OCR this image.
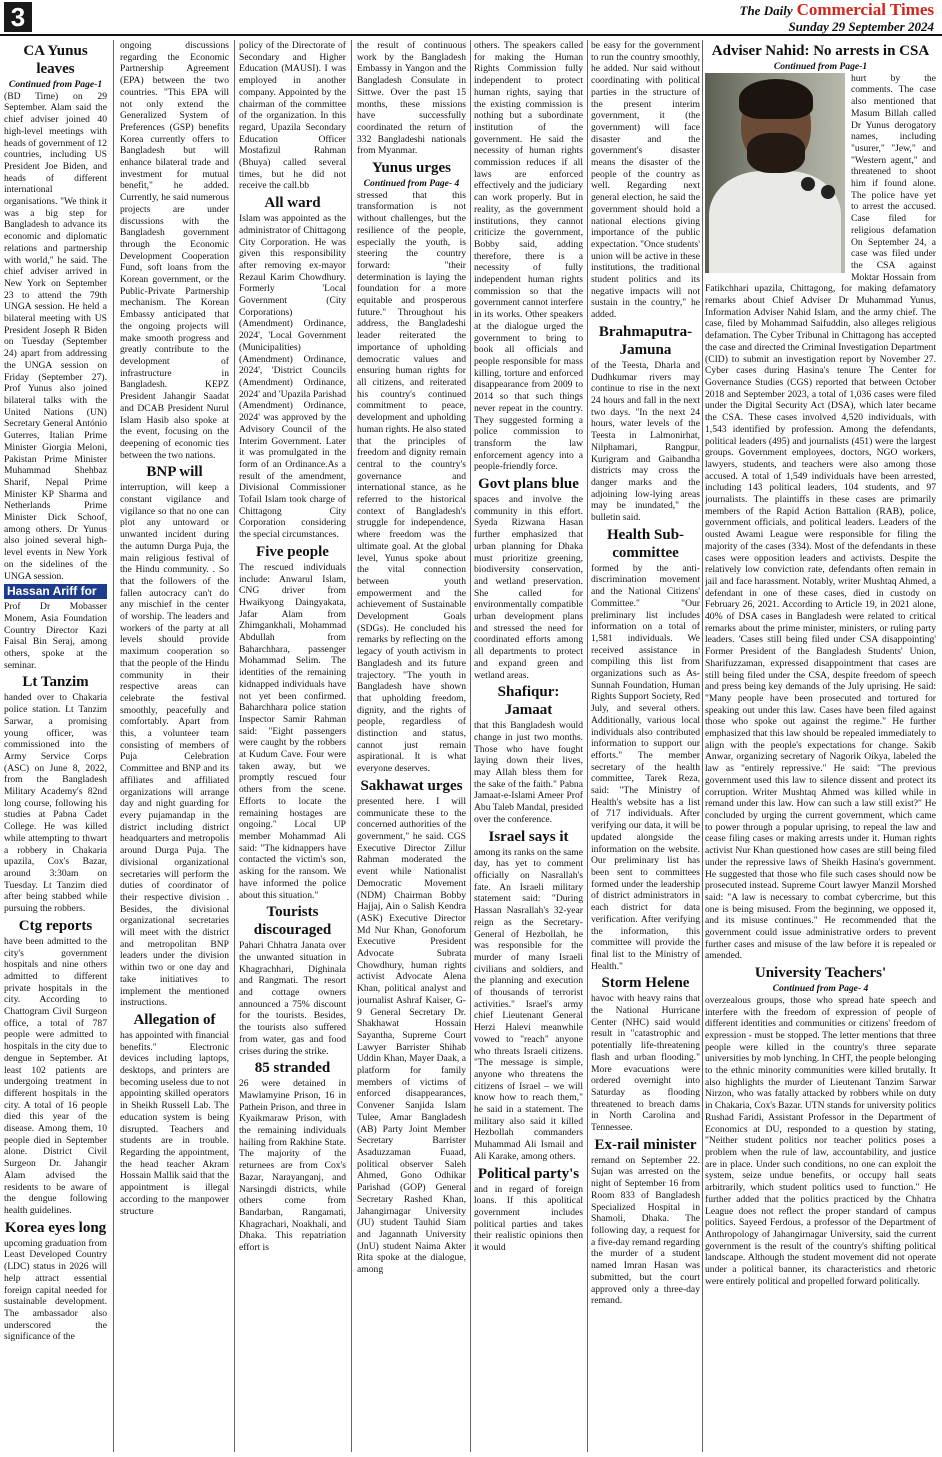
3	The Daily Commercial Times
Sunday 29 September 2024
CA Yunus leaves
Continued from Page-1

(BD Time) on 29 September. Alam said the chief adviser joined 40 high-level meetings with heads of government of 12 countries, including US President Joe Biden, and heads of different international organisations. "We think it was a big step for Bangladesh to advance its economic and diplomatic relations and partnership with world," he said. The chief adviser arrived in New York on September 23 to attend the 79th UNGA session. He held a bilateral meeting with US President Joseph R Biden on Tuesday (September 24) apart from addressing the UNGA session on Friday (September 27). Prof Yunus also joined bilateral talks with the United Nations (UN) Secretary General António Guterres, Italian Prime Minister Giorgia Meloni, Pakistan Prime Minister Muhammad Shehbaz Sharif, Nepal Prime Minister KP Sharma and Netherlands Prime Minister Dick Schoof, among others. Dr Yunus also joined several high-level events in New York on the sidelines of the UNGA session.

Hassan Ariff for

Prof Dr Mobasser Monem, Asia Foundation Country Director Kazi Faisal Bin Seraj, among others, spoke at the seminar.

Lt Tanzim

handed over to Chakaria police station. Lt Tanzim Sarwar, a promising young officer, was commissioned into the Army Service Corps (ASC) on June 8, 2022, from the Bangladesh Military Academy's 82nd long course, following his studies at Pabna Cadet College. He was killed while attempting to thwart a robbery in Chakaria upazila, Cox's Bazar, around 3:30am on Tuesday. Lt Tanzim died after being stabbed while pursuing the robbers.

Ctg reports

have been admitted to the city's government hospitals and nine others admitted to different private hospitals in the city. According to Chattogram Civil Surgeon office, a total of 787 people were admitted to hospitals in the city due to dengue in September. At least 102 patients are undergoing treatment in different hospitals in the city. A total of 16 people died this year of the disease. Among them, 10 people died in September alone. District Civil Surgeon Dr. Jahangir Alam advised the residents to be aware of the dengue following health guidelines.

Korea eyes long

upcoming graduation from Least Developed Country (LDC) status in 2026 will help attract essential foreign capital needed for sustainable development. The ambassador also underscored the significance of the

ongoing discussions regarding the Economic Partnership Agreement (EPA) between the two countries. "This EPA will not only extend the Generalized System of Preferences (GSP) benefits Korea currently offers to Bangladesh but will enhance bilateral trade and investment for mutual benefit," he added. Currently, he said numerous projects are under discussions with the Bangladesh government through the Economic Development Cooperation Fund, soft loans from the Korean government, or the Public-Private Partnership mechanism. The Korean Embassy anticipated that the ongoing projects will make smooth progress and greatly contribute to the development of infrastructure in Bangladesh. KEPZ President Jahangir Saadat and DCAB President Nurul Islam Hasib also spoke at the event, focusing on the deepening of economic ties between the two nations.

BNP will

interruption, will keep a constant vigilance and vigilance so that no one can plot any untoward or unwanted incident during the autumn Durga Puja, the main religious festival of the Hindu community. . So that the followers of the fallen autocracy can't do any mischief in the center of worship. The leaders and workers of the party at all levels should provide maximum cooperation so that the people of the Hindu community in their respective areas can celebrate the festival smoothly, peacefully and comfortably. Apart from this, a volunteer team consisting of members of Puja Celebration Committee and BNP and its affiliates and affiliated organizations will arrange day and night guarding for every pujamandap in the district including district headquarters and metropolis around Durga Puja. The divisional organizational secretaries will perform the duties of coordinator of their respective division . Besides, the divisional organizational secretaries will meet with the district and metropolitan BNP leaders under the division within two or one day and take initiatives to implement the mentioned instructions.

Allegation of

has appointed with financial benefits." Electronic devices including laptops, desktops, and printers are becoming useless due to not appointing skilled operators in Sheikh Russell Lab. The education system is being disrupted. Teachers and students are in trouble. Regarding the appointment, the head teacher Akram Hossain Mallik said that the appointment is illegal according to the manpower structure

policy of the Directorate of Secondary and Higher Education (MAUSI). I was employed in another company. Appointed by the chairman of the committee of the organization. In this regard, Upazila Secondary Education Officer Mostafizul Rahman (Bhuya) called several times, but he did not receive the call.bb

All ward

Islam was appointed as the administrator of Chittagong City Corporation. He was given this responsibility after removing ex-mayor Rezaul Karim Chowdhury. Formerly 'Local Government (City Corporations) (Amendment) Ordinance, 2024', 'Local Government (Municipalities) (Amendment) Ordinance, 2024', 'District Councils (Amendment) Ordinance, 2024' and 'Upazila Parishad (Amendment) Ordinance, 2024' was approved by the Advisory Council of the Interim Government. Later it was promulgated in the form of an Ordinance.As a result of the amendment, Divisional Commissioner Tofail Islam took charge of Chittagong City Corporation considering the special circumstances.

Five people

The rescued individuals include: Anwarul Islam, CNG driver from Hwaikyong Daingyakata, Jafar Alam from Zhimgankhali, Mohammad Abdullah from Baharchhara, passenger Mohammad Selim. The identities of the remaining kidnapped individuals have not yet been confirmed. Baharchhara police station Inspector Samir Rahman said: "Eight passengers were caught by the robbers at Kudum Cave. Four were taken away, but we promptly rescued four others from the scene. Efforts to locate the remaining hostages are ongoing." Local UP member Mohammad Ali said: "The kidnappers have contacted the victim's son, asking for the ransom. We have informed the police about this situation."

Tourists discouraged

Pahari Chhatra Janata over the unwanted situation in Khagrachhari, Dighinala and Rangmati. The resort and cottage owners announced a 75% discount for the tourists. Besides, the tourists also suffered from water, gas and food crises during the strike.

85 stranded

26 were detained in Mawlamyine Prison, 16 in Pathein Prison, and three in Kyaikmaraw Prison, with the remaining individuals hailing from Rakhine State. The majority of the returnees are from Cox's Bazar, Narayanganj, and Narsingdi districts, while others come from Bandarban, Rangamati, Khagrachari, Noakhali, and Dhaka. This repatriation effort is

the result of continuous work by the Bangladesh Embassy in Yangon and the Bangladesh Consulate in Sittwe. Over the past 15 months, these missions have successfully coordinated the return of 332 Bangladeshi nationals from Myanmar.

Yunus urges
Continued from Page- 4

stressed that this transformation is not without challenges, but the resilience of the people, especially the youth, is steering the country forward: "their determination is laying the foundation for a more equitable and prosperous future." Throughout his address, the Bangladeshi leader reiterated the importance of upholding democratic values and ensuring human rights for all citizens, and reiterated his country's continued commitment to peace, development and upholding human rights. He also stated that the principles of freedom and dignity remain central to the country's governance and international stance, as he referred to the historical context of Bangladesh's struggle for independence, where freedom was the ultimate goal. At the global level, Yunus spoke about the vital connection between youth empowerment and the achievement of Sustainable Development Goals (SDGs). He concluded his remarks by reflecting on the legacy of youth activism in Bangladesh and its future trajectory. "The youth in Bangladesh have shown that upholding freedom, dignity, and the rights of people, regardless of distinction and status, cannot just remain aspirational. It is what everyone deserves.

Sakhawat urges

presented here. I will communicate these to the concerned authorities of the government," he said. CGS Executive Director Zillur Rahman moderated the event while Nationalist Democratic Movement (NDM) Chairman Bobby Hajjaj, Ain o Salish Kendra (ASK) Executive Director Md Nur Khan, Gonoforum Executive President Advocate Subrata Chowdhury, human rights activist Advocate Alena Khan, political analyst and journalist Ashraf Kaiser, G-9 General Secretary Dr. Shakhawat Hossain Sayantha, Supreme Court Lawyer Barrister Shihab Uddin Khan, Mayer Daak, a platform for family members of victims of enforced disappearances, Convener Sanjida Islam Tulee, Amar Bangladesh (AB) Party Joint Member Secretary Barrister Asaduzzaman Fuaad, political observer Saleh Ahmed, Gono Odhikar Parishad (GOP) General Secretary Rashed Khan, Jahangirnagar University (JU) student Tauhid Siam and Jagannath University (JnU) student Naima Akter Rita spoke at the dialogue, among

others. The speakers called for making the Human Rights Commission fully independent to protect human rights, saying that the existing commission is nothing but a subordinate institution of the government. He said the necessity of human rights commission reduces if all laws are enforced effectively and the judiciary can work properly. But in reality, as the government institutions, they cannot criticize the government, Bobby said, adding therefore, there is a necessity of fully independent human rights commission so that the government cannot interfere in its works. Other speakers at the dialogue urged the government to bring to book all officials and people responsible for mass killing, torture and enforced disappearance from 2009 to 2014 so that such things never repeat in the country. They suggested forming a police commission to transform the law enforcement agency into a people-friendly force.

Govt plans blue

spaces and involve the community in this effort. Syeda Rizwana Hasan further emphasized that urban planning for Dhaka must prioritize greening, biodiversity conservation, and wetland preservation. She called for environmentally compatible urban development plans and stressed the need for coordinated efforts among all departments to protect and expand green and wetland areas.

Shafiqur: Jamaat

that this Bangladesh would change in just two months. Those who have fought laying down their lives, may Allah bless them for the sake of the faith." Pabna Jamaat-e-Islami Ameer Prof Abu Taleb Mandal, presided over the conference.

Israel says it

among its ranks on the same day, has yet to comment officially on Nasrallah's fate. An Israeli military statement said: "During Hassan Nasrallah's 32-year reign as the Secretary-General of Hezbollah, he was responsible for the murder of many Israeli civilians and soldiers, and the planning and execution of thousands of terrorist activities." Israel's army chief Lieutenant General Herzi Halevi meanwhile vowed to "reach" anyone who threats Israeli citizens. "The message is simple, anyone who threatens the citizens of Israel – we will know how to reach them," he said in a statement. The military also said it killed Hezbollah commanders Muhammad Ali Ismail and Ali Karake, among others.

Political party's

and in regard of foreign loans. If this apolitical government includes political parties and takes their realistic opinions then it would

be easy for the government to run the country smoothly, he added. Nur said without coordinating with political parties in the structure of the present interim government, it (the government) will face disaster and the government's disaster means the disaster of the people of the country as well. Regarding next general election, he said the government should hold a national elections giving importance of the public expectation. "Once students' union will be active in these institutions, the traditional student politics and its negative impacts will not sustain in the country," he added.

Brahmaputra-Jamuna

of the Teesta, Dharla and Dudhkumar rivers may continue to rise in the next 24 hours and fall in the next two days. "In the next 24 hours, water levels of the Teesta in Lalmonirhat, Nilphamari, Rangpur, Kurigram and Gaibandha districts may cross the danger marks and the adjoining low-lying areas may be inundated," the bulletin said.

Health Sub-committee

formed by the anti-discrimination movement and the National Citizens' Committee." "Our preliminary list includes information on a total of 1,581 individuals. We received assistance in compiling this list from organizations such as As-Sunnah Foundation, Human Rights Support Society, Red July, and several others. Additionally, various local individuals also contributed information to support our efforts." The member secretary of the health committee, Tarek Reza, said: "The Ministry of Health's website has a list of 717 individuals. After verifying our data, it will be updated alongside the information on the website. Our preliminary list has been sent to committees formed under the leadership of district administrators in each district for data verification. After verifying the information, this committee will provide the final list to the Ministry of Health."

Storm Helene

havoc with heavy rains that the National Hurricane Center (NHC) said would result in "catastrophic and potentially life-threatening flash and urban flooding." More evacuations were ordered overnight into Saturday as flooding threatened to breach dams in North Carolina and Tennessee.

Ex-rail minister

remand on September 22. Sujan was arrested on the night of September 16 from Room 833 of Bangladesh Specialized Hospital in Shamoli, Dhaka. The following day, a request for a five-day remand regarding the murder of a student named Imran Hasan was submitted, but the court approved only a three-day remand.

Adviser Nahid: No arrests in CSA
Continued from Page-1

hurt by the comments. The case also mentioned that Masum Billah called Dr Yunus derogatory names, including "usurer," "Jew," and "Western agent," and threatened to shoot him if found alone. The police have yet to arrest the accused. Case filed for religious defamation On September 24, a case was filed under the CSA against Moktar Hossain from Fatikchhari upazila, Chittagong, for making defamatory remarks about Chief Adviser Dr Muhammad Yunus, Information Adviser Nahid Islam, and the army chief. The case, filed by Mohammad Saifuddin, also alleges religious defamation. The Cyber Tribunal in Chittagong has accepted the case and directed the Criminal Investigation Department (CID) to submit an investigation report by November 27. Cyber cases during Hasina's tenure The Center for Governance Studies (CGS) reported that between October 2018 and September 2023, a total of 1,036 cases were filed under the Digital Security Act (DSA), which later became the CSA. These cases involved 4,520 individuals, with 1,543 identified by profession. Among the defendants, political leaders (495) and journalists (451) were the largest groups. Government employees, doctors, NGO workers, lawyers, students, and teachers were also among those accused. A total of 1,549 individuals have been arrested, including 143 political leaders, 104 students, and 97 journalists. The plaintiffs in these cases are primarily members of the Rapid Action Battalion (RAB), police, government officials, and political leaders. Leaders of the ousted Awami League were responsible for filing the majority of the cases (334). Most of the defendants in these cases were opposition leaders and activists. Despite the relatively low conviction rate, defendants often remain in jail and face harassment. Notably, writer Mushtaq Ahmed, a defendant in one of these cases, died in custody on February 26, 2021. According to Article 19, in 2021 alone, 40% of DSA cases in Bangladesh were related to critical remarks about the prime minister, ministers, or ruling party leaders. 'Cases still being filed under CSA disappointing' Former President of the Bangladesh Students' Union, Sharifuzzaman, expressed disappointment that cases are still being filed under the CSA, despite freedom of speech and press being key demands of the July uprising. He said: "Many people have been prosecuted and tortured for speaking out under this law. Cases have been filed against those who spoke out against the regime." He further emphasized that this law should be repealed immediately to align with the people's expectations for change. Sakib Anwar, organizing secretary of Nagorik Oikya, labeled the law as "entirely repressive." He said: "The previous government used this law to silence dissent and protect its corruption. Writer Mushtaq Ahmed was killed while in remand under this law. How can such a law still exist?" He concluded by urging the current government, which came to power through a popular uprising, to repeal the law and cease filing cases or making arrests under it. Human rights activist Nur Khan questioned how cases are still being filed under the repressive laws of Sheikh Hasina's government. He suggested that those who file such cases should now be prosecuted instead. Supreme Court lawyer Manzil Morshed said: "A law is necessary to combat cybercrime, but this one is being misused. From the beginning, we opposed it, and its misuse continues." He recommended that the government could issue administrative orders to prevent further cases and misuse of the law before it is repealed or amended.

University Teachers'
Continued from Page- 4

overzealous groups, those who spread hate speech and interfere with the freedom of expression of people of different identities and communities or citizens' freedom of expression - must be stopped. The letter mentions that three people were killed in the country's three separate universities by mob lynching. In CHT, the people belonging to the ethnic minority communities were killed brutally. It also highlights the murder of Lieutenant Tanzim Sarwar Nirzon, who was fatally attacked by robbers while on duty in Chakaria, Cox's Bazar. UTN stands for university politics Rushad Faridi, Assistant Professor in the Department of Economics at DU, responded to a question by stating, "Neither student politics nor teacher politics poses a problem when the rule of law, accountability, and justice are in place. Under such conditions, no one can exploit the system, seize undue benefits, or occupy hall seats arbitrarily, which student politics used to function." He further added that the politics practiced by the Chhatra League does not reflect the proper standard of campus politics. Sayeed Ferdous, a professor of the Department of Anthropology of Jahangirnagar University, said the current government is the result of the country's shifting political landscape. Although the student movement did not operate under a political banner, its characteristics and rhetoric were entirely political and propelled forward politically.
